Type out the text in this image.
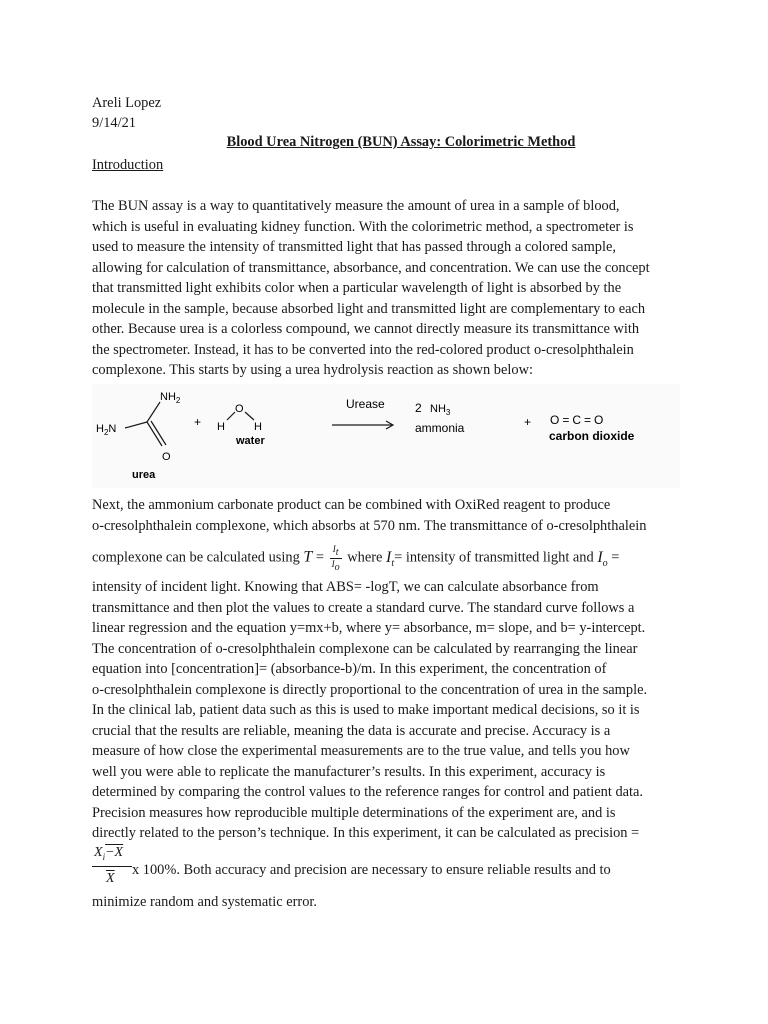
Areli Lopez
9/14/21
Blood Urea Nitrogen (BUN) Assay: Colorimetric Method
Introduction

The BUN assay is a way to quantitatively measure the amount of urea in a sample of blood,

which is useful in evaluating kidney function. With the colorimetric method, a spectrometer is

used to measure the intensity of transmitted light that has passed through a colored sample,

allowing for calculation of transmittance, absorbance, and concentration. We can use the concept

that transmitted light exhibits color when a particular wavelength of light is absorbed by the

molecule in the sample, because absorbed light and transmitted light are complementary to each

other. Because urea is a colorless compound, we cannot directly measure its transmittance with

the spectrometer. Instead, it has to be converted into the red-colored product o-cresolphthalein

complexone. This starts by using a urea hydrolysis reaction as shown below:

$NH_2$
$H_2N$
O
urea
+
O
H	H
water
Urease	2 $NH_3$
ammonia	+ O=C=O
carbon dioxide

Next, the ammonium carbonate product can be combined with OxiRed reagent to produce

o-cresolphthalein complexone, which absorbs at 570 nm. The transmittance of o-cresolphthalein

complexone can be calculated using $T = \frac{I_t}{I_o}$ where $I_t=$ intensity of transmitted light and $I_o$ =

intensity of incident light. Knowing that ABS= -logT, we can calculate absorbance from

transmittance and then plot the values to create a standard curve. The standard curve follows a

linear regression and the equation y=mx+b, where y= absorbance, m= slope, and b= y-intercept.

The concentration of o-cresolphthalein complexone can be calculated by rearranging the linear

equation into [concentration]= (absorbance-b)/m. In this experiment, the concentration of

o-cresolphthalein complexone is directly proportional to the concentration of urea in the sample.

In the clinical lab, patient data such as this is used to make important medical decisions, so it is

crucial that the results are reliable, meaning the data is accurate and precise. Accuracy is a

measure of how close the experimental measurements are to the true value, and tells you how

well you were able to replicate the manufacturer’s results. In this experiment, accuracy is

determined by comparing the control values to the reference ranges for control and patient data.

Precision measures how reproducible multiple determinations of the experiment are, and is

directly related to the person’s technique. In this experiment, it can be calculated as precision =

$X_i-X$
$\overline{X}$
x 100%. Both accuracy and precision are necessary to ensure reliable results and to
minimize random and systematic error.
